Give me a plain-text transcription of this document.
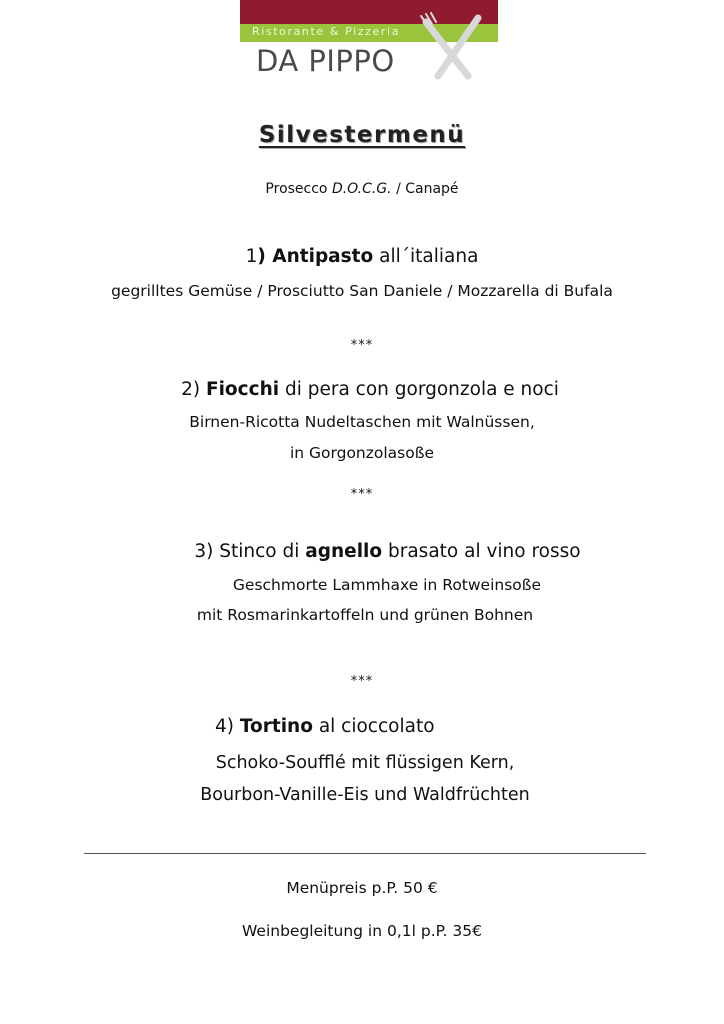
Ristorante & Pizzeria
DA PIPPO
Silvestermenü
Prosecco D.O.C.G. / Canapé
1) Antipasto all´italiana
gegrilltes Gemüse / Prosciutto San Daniele / Mozzarella di Bufala
***
2) Fiocchi di pera con gorgonzola e noci
Birnen-Ricotta Nudeltaschen mit Walnüssen,
in Gorgonzolasoße
***
3) Stinco di agnello brasato al vino rosso
Geschmorte Lammhaxe in Rotweinsoße
mit Rosmarinkartoffeln und grünen Bohnen
***
4) Tortino al cioccolato
Schoko-Soufflé mit flüssigen Kern,
Bourbon-Vanille-Eis und Waldfrüchten
Menüpreis p.P. 50 €
Weinbegleitung in 0,1l p.P. 35€
